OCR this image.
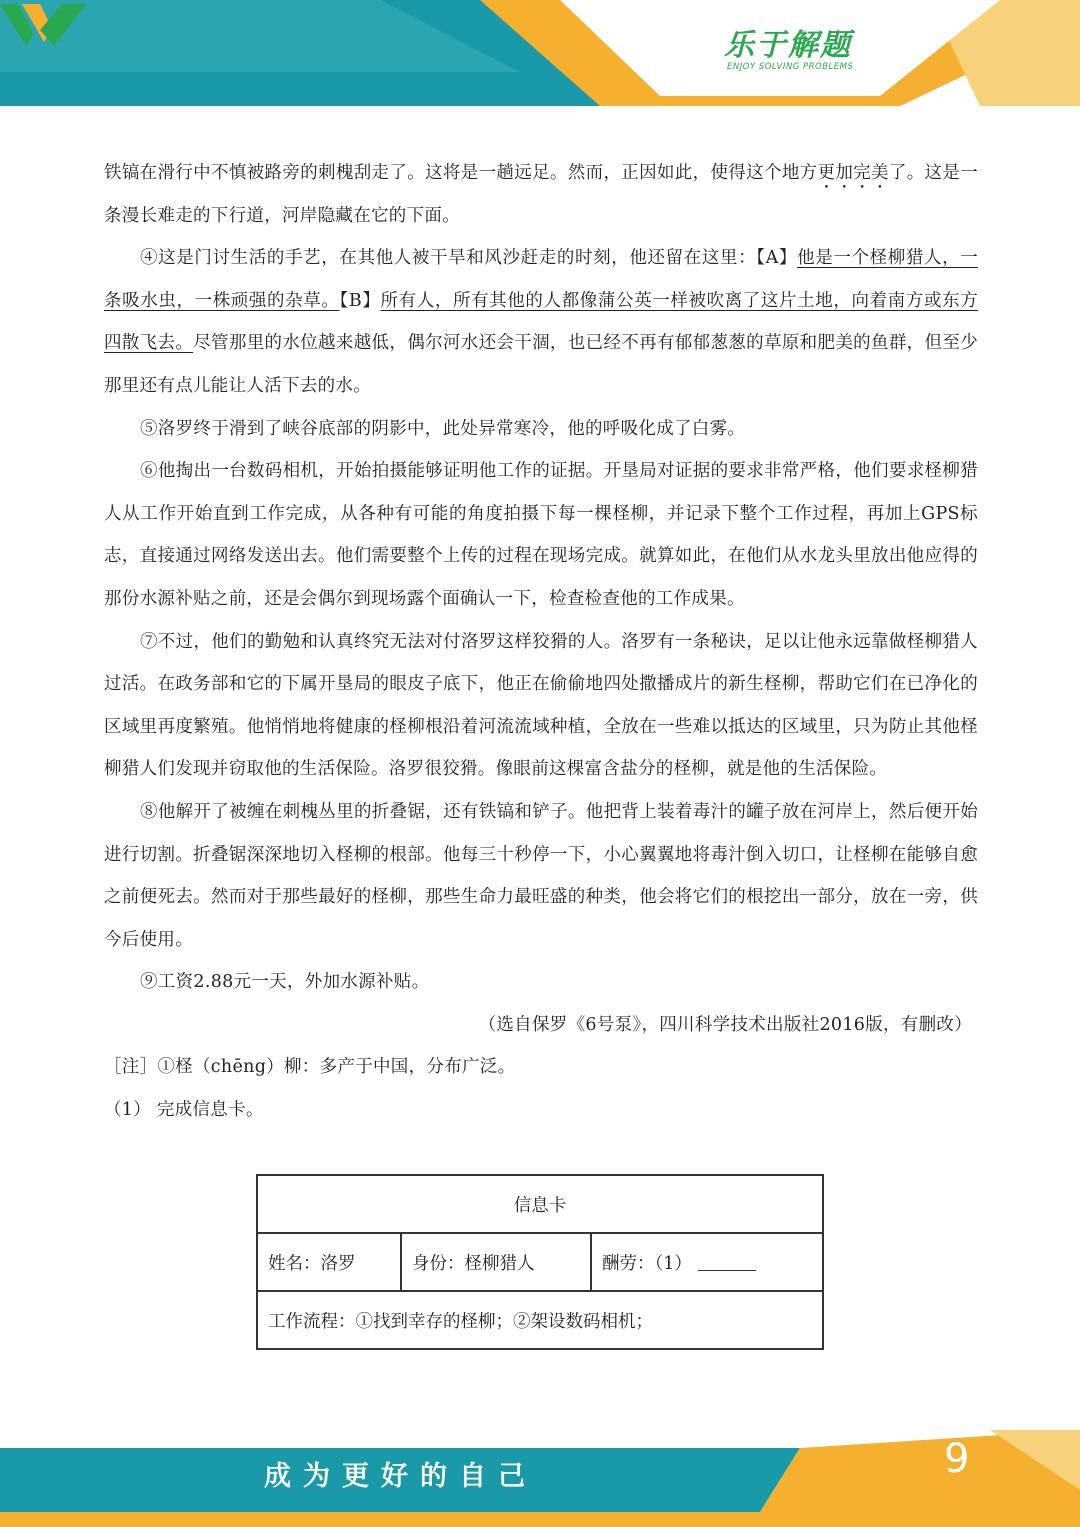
乐于解题
ENJOY SOLVING PROBLEMS

铁镐在滑行中不慎被路旁的刺槐刮走了。这将是一趟远足。然而，正因如此，使得这个地方更加完美了。这是一条漫长难走的下行道，河岸隐藏在它的下面。

④这是门讨生活的手艺，在其他人被干旱和风沙赶走的时刻，他还留在这里：【A】他是一个柽柳猎人，一条吸水虫，一株顽强的杂草。【B】所有人，所有其他的人都像蒲公英一样被吹离了这片土地，向着南方或东方四散飞去。尽管那里的水位越来越低，偶尔河水还会干涸，也已经不再有郁郁葱葱的草原和肥美的鱼群，但至少那里还有点儿能让人活下去的水。

⑤洛罗终于滑到了峡谷底部的阴影中，此处异常寒冷，他的呼吸化成了白雾。

⑥他掏出一台数码相机，开始拍摄能够证明他工作的证据。开垦局对证据的要求非常严格，他们要求柽柳猎人从工作开始直到工作完成，从各种有可能的角度拍摄下每一棵柽柳，并记录下整个工作过程，再加上GPS标志，直接通过网络发送出去。他们需要整个上传的过程在现场完成。就算如此，在他们从水龙头里放出他应得的那份水源补贴之前，还是会偶尔到现场露个面确认一下，检查检查他的工作成果。

⑦不过，他们的勤勉和认真终究无法对付洛罗这样狡猾的人。洛罗有一条秘诀，足以让他永远靠做柽柳猎人过活。在政务部和它的下属开垦局的眼皮子底下，他正在偷偷地四处撒播成片的新生柽柳，帮助它们在已净化的区域里再度繁殖。他悄悄地将健康的柽柳根沿着河流流域种植，全放在一些难以抵达的区域里，只为防止其他柽柳猎人们发现并窃取他的生活保险。洛罗很狡猾。像眼前这棵富含盐分的柽柳，就是他的生活保险。

⑧他解开了被缠在刺槐丛里的折叠锯，还有铁镐和铲子。他把背上装着毒汁的罐子放在河岸上，然后便开始进行切割。折叠锯深深地切入柽柳的根部。他每三十秒停一下，小心翼翼地将毒汁倒入切口，让柽柳在能够自愈之前便死去。然而对于那些最好的柽柳，那些生命力最旺盛的种类，他会将它们的根挖出一部分，放在一旁，供今后使用。

⑨工资2.88元一天，外加水源补贴。

（选自保罗《6号泵》，四川科学技术出版社2016版，有删改）

［注］①柽（chēng）柳：多产于中国，分布广泛。

（1） 完成信息卡。

信息卡
姓名：洛罗	身份：柽柳猎人	酬劳：（1）
工作流程：①找到幸存的柽柳；②架设数码相机；
成为更好的自己	9
